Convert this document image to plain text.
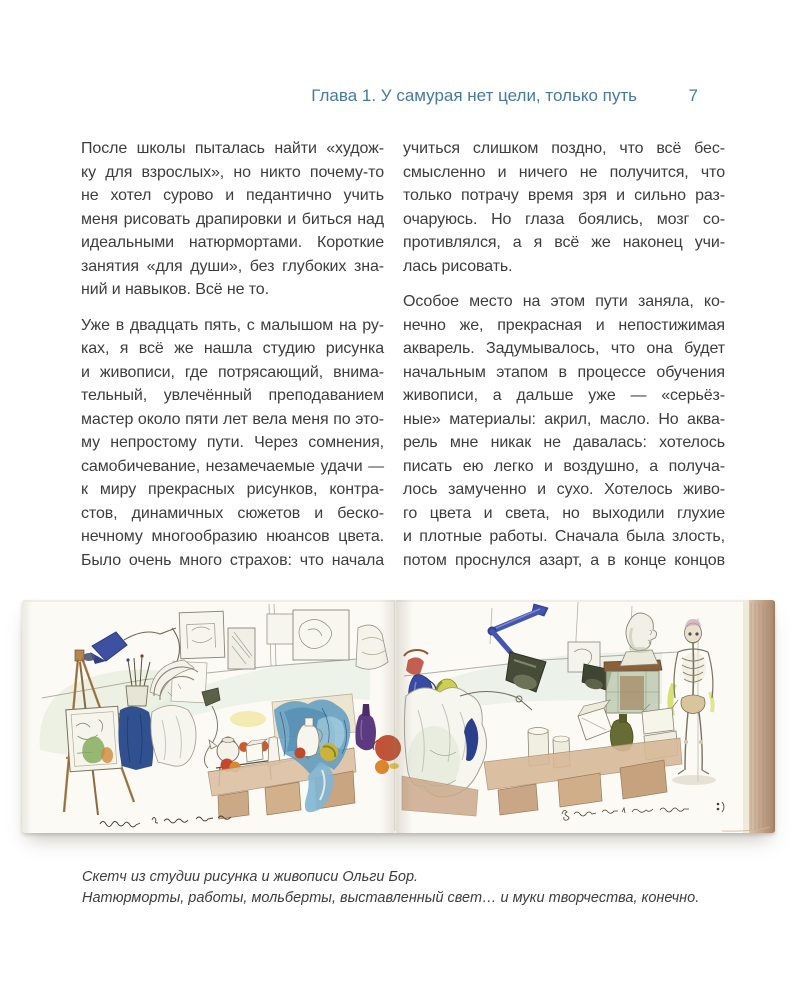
Глава 1. У самурая нет цели, только путь	7
После школы пыталась найти «худож-
ку для взрослых», но никто почему-то
не хотел сурово и педантично учить
меня рисовать драпировки и биться над
идеальными натюрмортами. Короткие
занятия «для души», без глубоких зна-
ний и навыков. Всё не то.
Уже в двадцать пять, с малышом на ру-
ках, я всё же нашла студию рисунка
и живописи, где потрясающий, внима-
тельный, увлечённый преподаванием
мастер около пяти лет вела меня по это-
му непростому пути. Через сомнения,
самобичевание, незамечаемые удачи —
к миру прекрасных рисунков, контра-
стов, динамичных сюжетов и беско-
нечному многообразию нюансов цвета.
Было очень много страхов: что начала
учиться слишком поздно, что всё бес-
смысленно и ничего не получится, что
только потрачу время зря и сильно раз-
очаруюсь. Но глаза боялись, мозг со-
противлялся, а я всё же наконец учи-
лась рисовать.
Особое место на этом пути заняла, ко-
нечно же, прекрасная и непостижимая
акварель. Задумывалось, что она будет
начальным этапом в процессе обучения
живописи, а дальше уже — «серьёз-
ные» материалы: акрил, масло. Но аква-
рель мне никак не давалась: хотелось
писать ею легко и воздушно, а получа-
лось замученно и сухо. Хотелось живо-
го цвета и света, но выходили глухие
и плотные работы. Сначала была злость,
потом проснулся азарт, а в конце концов
Скетч из студии рисунка и живописи Ольги Бор.
Натюрморты, работы, мольберты, выставленный свет… и муки творчества, конечно.
